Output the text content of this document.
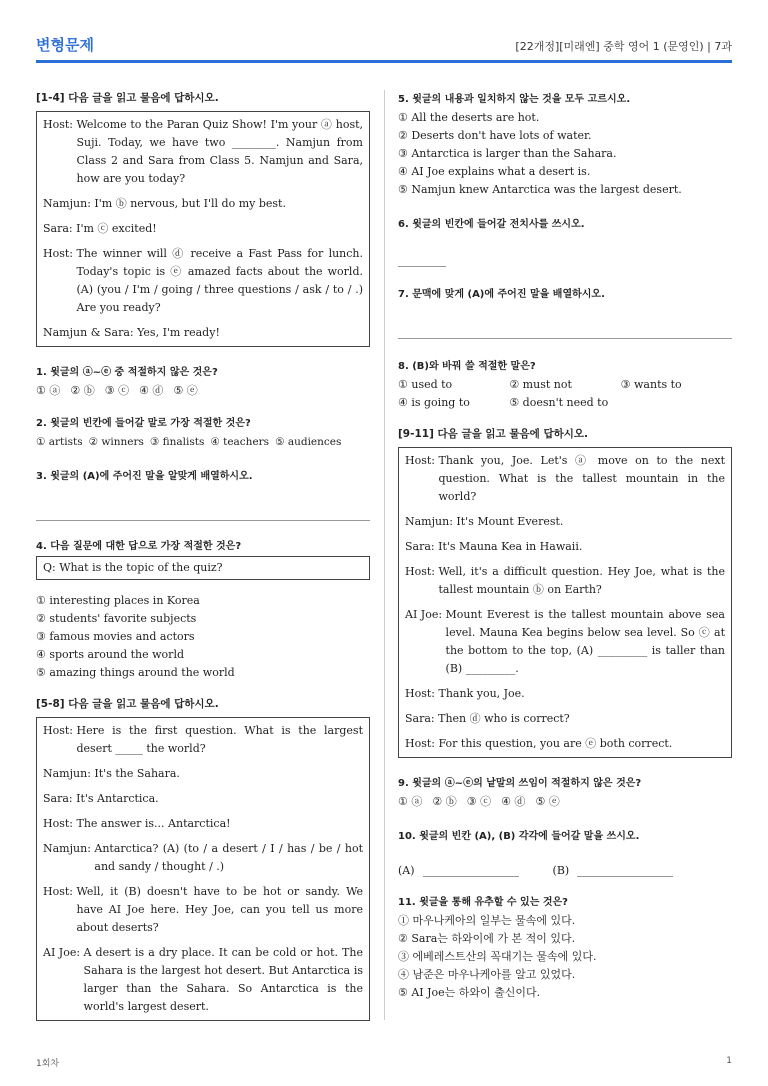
변형문제	[22개정][미래엔] 중학 영어 1 (문영인) | 7과
[1-4] 다음 글을 읽고 물음에 답하시오.
Host:
Welcome to the Paran Quiz Show! I'm your ⓐ host, Suji. Today, we have two ________. Namjun from Class 2 and Sara from Class 5. Namjun and Sara, how are you today?
Namjun:
I'm ⓑ nervous, but I'll do my best.
Sara:
I'm ⓒ excited!
Host:
The winner will ⓓ receive a Fast Pass for lunch. Today's topic is ⓔ amazed facts about the world. (A) (you / I'm / going / three questions / ask / to / .) Are you ready?
Namjun & Sara:
Yes, I'm ready!
1. 윗글의 ⓐ~ⓔ 중 적절하지 않은 것은?
① ⓐ ② ⓑ ③ ⓒ ④ ⓓ ⑤ ⓔ
2. 윗글의 빈칸에 들어갈 말로 가장 적절한 것은?
① artists ② winners ③ finalists ④ teachers ⑤ audiences
3. 윗글의 (A)에 주어진 말을 알맞게 배열하시오.
4. 다음 질문에 대한 답으로 가장 적절한 것은?
Q: What is the topic of the quiz?
① interesting places in Korea
② students' favorite subjects
③ famous movies and actors
④ sports around the world
⑤ amazing things around the world
[5-8] 다음 글을 읽고 물음에 답하시오.
Host:
Here is the first question. What is the largest desert _____ the world?
Namjun:
It's the Sahara.
Sara:
It's Antarctica.
Host:
The answer is... Antarctica!
Namjun:
Antarctica? (A) (to / a desert / I / has / be / hot and sandy / thought / .)
Host:
Well, it (B) doesn't have to be hot or sandy. We have AI Joe here. Hey Joe, can you tell us more about deserts?
AI Joe:
A desert is a dry place. It can be cold or hot. The Sahara is the largest hot desert. But Antarctica is larger than the Sahara. So Antarctica is the world's largest desert.
5. 윗글의 내용과 일치하지 않는 것을 모두 고르시오.
① All the deserts are hot.
② Deserts don't have lots of water.
③ Antarctica is larger than the Sahara.
④ AI Joe explains what a desert is.
⑤ Namjun knew Antarctica was the largest desert.
6. 윗글의 빈칸에 들어갈 전치사를 쓰시오.
7. 문맥에 맞게 (A)에 주어진 말을 배열하시오.
8. (B)와 바꿔 쓸 적절한 말은?
① used to	② must not	③ wants to
④ is going to	⑤ doesn't need to
[9-11] 다음 글을 읽고 물음에 답하시오.
Host:
Thank you, Joe. Let's ⓐ move on to the next question. What is the tallest mountain in the world?
Namjun:
It's Mount Everest.
Sara:
It's Mauna Kea in Hawaii.
Host:
Well, it's a difficult question. Hey Joe, what is the tallest mountain ⓑ on Earth?
AI Joe:
Mount Everest is the tallest mountain above sea level. Mauna Kea begins below sea level. So ⓒ at the bottom to the top, (A) _________ is taller than (B) _________.
Host:
Thank you, Joe.
Sara:
Then ⓓ who is correct?
Host:
For this question, you are ⓔ both correct.
9. 윗글의 ⓐ~ⓔ의 낱말의 쓰임이 적절하지 않은 것은?
① ⓐ ② ⓑ ③ ⓒ ④ ⓓ ⑤ ⓔ
10. 윗글의 빈칸 (A), (B) 각각에 들어갈 말을 쓰시오.
(A)	(B)
11. 윗글을 통해 유추할 수 있는 것은?
① 마우나케아의 일부는 물속에 있다.
② Sara는 하와이에 가 본 적이 있다.
③ 에베레스트산의 꼭대기는 물속에 있다.
④ 남준은 마우나케아를 알고 있었다.
⑤ AI Joe는 하와이 출신이다.
1회차	1
